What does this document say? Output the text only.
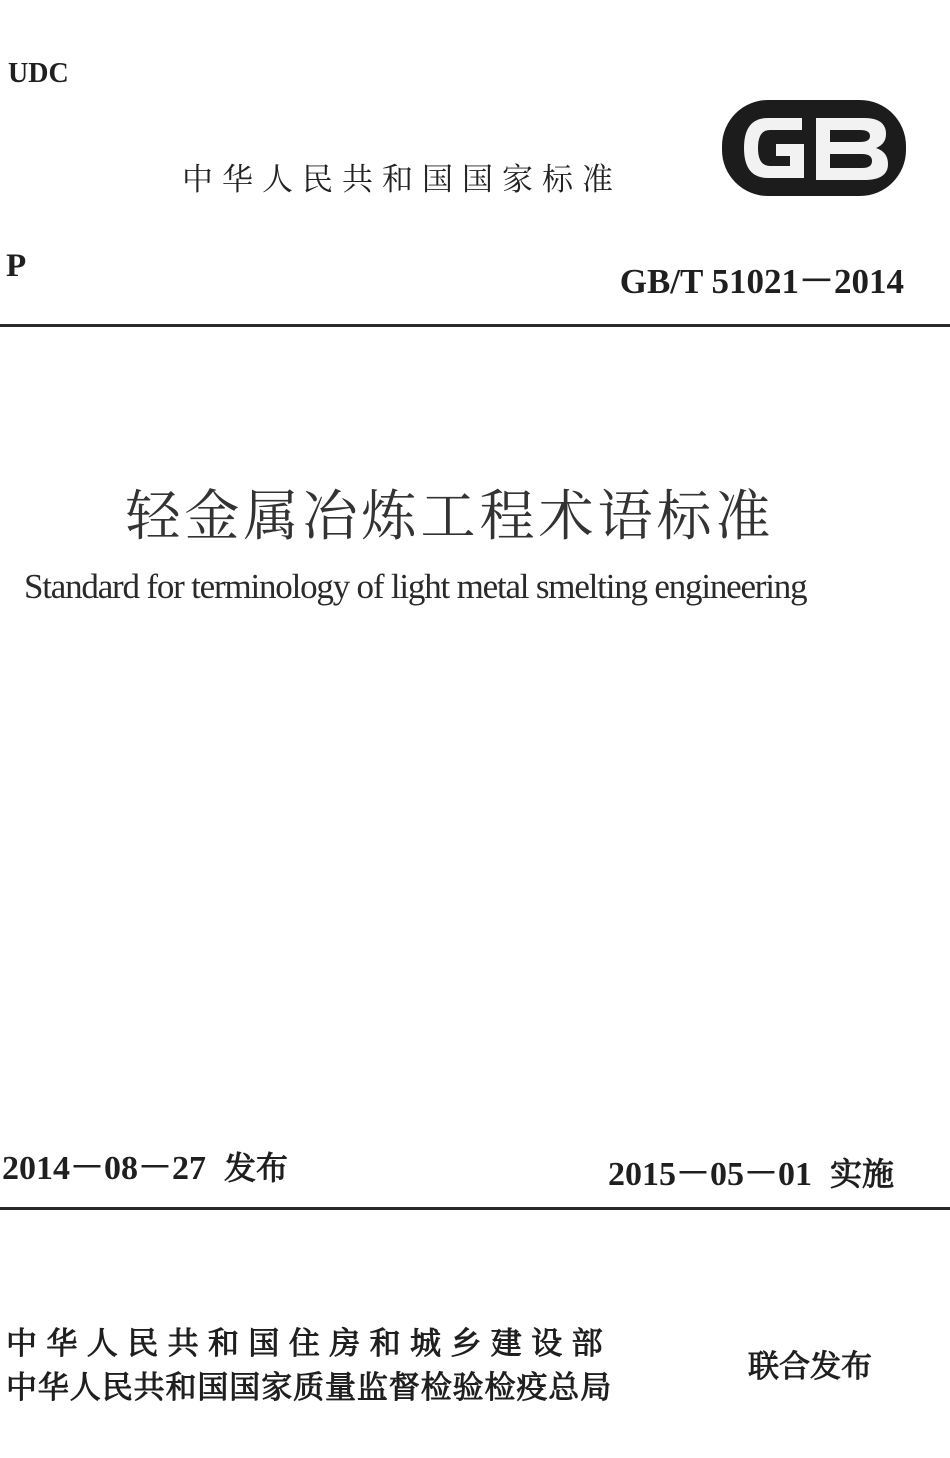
UDC
中华人民共和国国家标准
P	GB/T 51021－2014
轻金属冶炼工程术语标准
Standard for terminology of light metal smelting engineering
2014－08－27 发布	2015－05－01 实施
中华人民共和国住房和城乡建设部
中华人民共和国国家质量监督检验检疫总局
联合发布
